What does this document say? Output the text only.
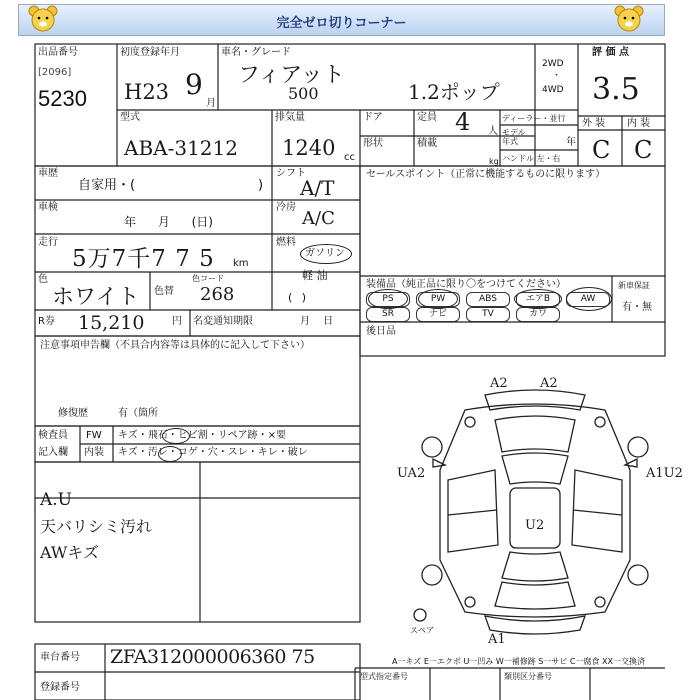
完全ゼロ切りコーナー
出品番号
[2096]
5230
初度登録年月
H23 9
月
車名・グレード
フィアット
500	1.2ポップ
2WD
・
4WD
評 価 点
3.5
型式
ABA-31212
排気量
1240 cc
ドア	定員 4 人
ディーラー・並行
モデル年式	年
形状	積載
kg ハンドル 左・右
外 装 内 装
C C
車歴
自家用・(	)
シフト
A/T
車検
年 月 (日)
冷房
A/C
走行
5万7千7 7 5 km
燃料
ガソリン
軽 油
( )
色
ホワイト 色替
色コード
268
R券 15,210	円 名変通知期限	月 日
注意事項申告欄（不具合内容等は具体的に記入して下さい）
修復歴	有（箇所
セールスポイント（正常に機能するものに限ります）
装備品（純正品に限り〇をつけてください）	新車保証
有・無
PS	PW	ABS	エアB	AW
SR	ナビ	TV	カワ
後日品
検査員
記入欄
FW
内装
キズ・飛石・ヒビ割・リペア跡・×要
キズ・汚レ・コゲ・穴・スレ・キレ・破レ
A.U
天バリシミ汚れ
AWキズ
車台番号 ZFA312000006360 75
登録番号
A一キズ E一エクボ U一凹み W一補修跡 S一サビ C一腐食 XX一交換済
型式指定番号	類別区分番号
A2 A2
UA2	A1U2
U2
A1
スペア
